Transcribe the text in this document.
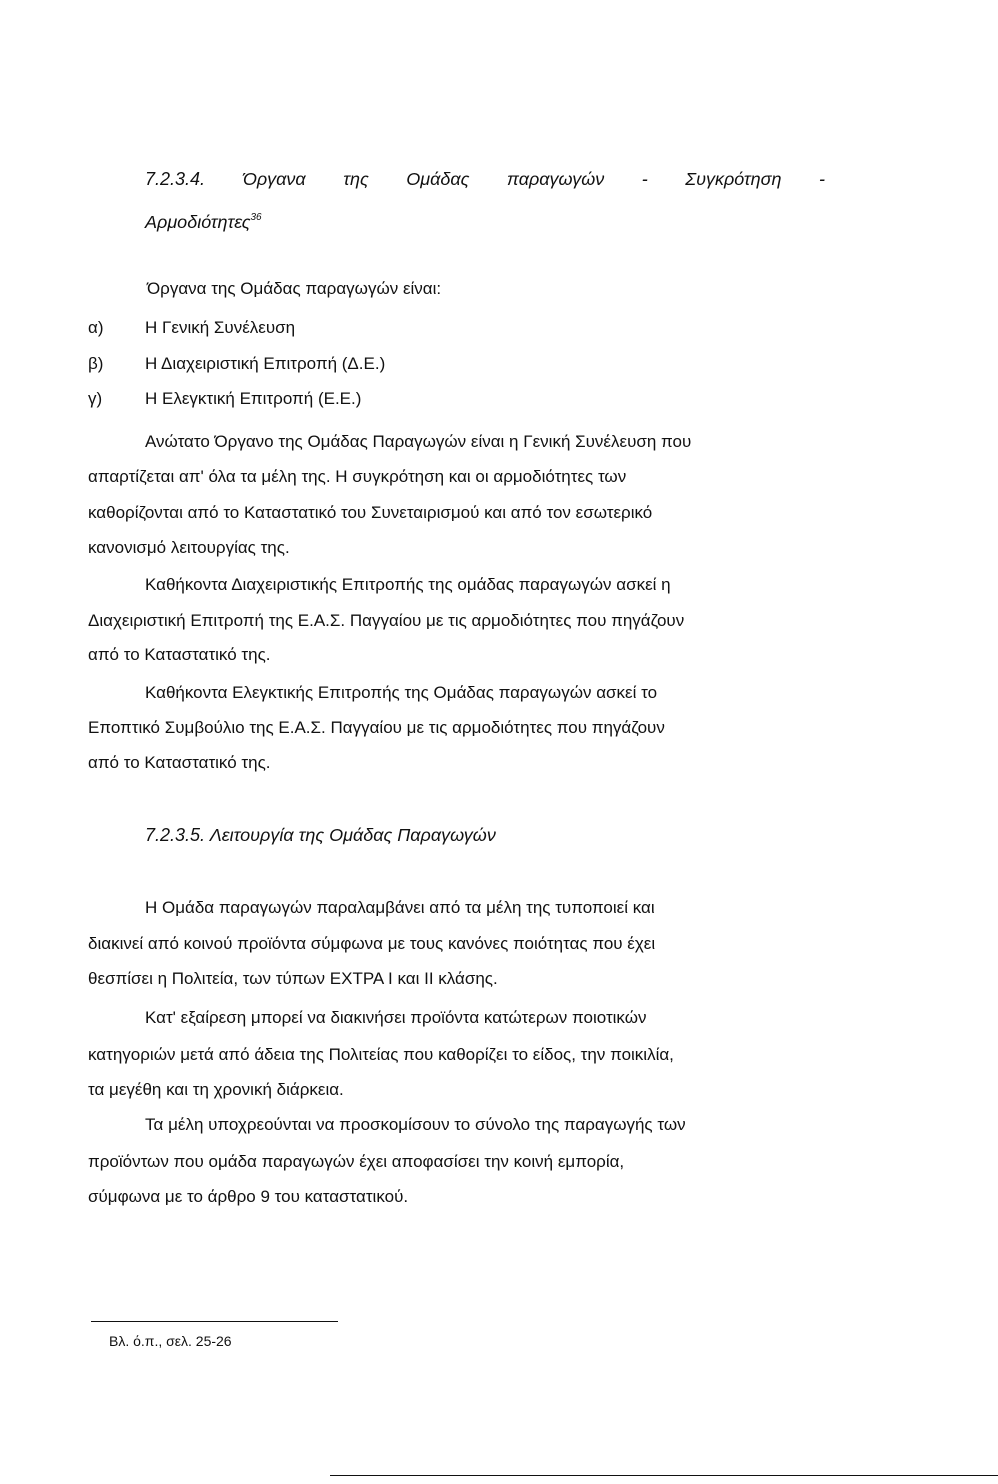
7.2.3.4. Όργανα της Ομάδας παραγωγών - Συγκρότηση -
Αρμοδιότητες$^{36}$
Όργανα της Ομάδας παραγωγών είναι:
α) Η Γενική Συνέλευση
β) Η Διαχειριστική Επιτροπή (Δ.Ε.)
γ)	Η Ελεγκτική Επιτροπή (Ε.Ε.)
Ανώτατο Όργανο της Ομάδας Παραγωγών είναι η Γενική Συνέλευση που
απαρτίζεται απ' όλα τα μέλη της. Η συγκρότηση και οι αρμοδιότητες των
καθορίζονται από το Καταστατικό του Συνεταιρισμού και από τον εσωτερικό
κανονισμό λειτουργίας της.
Καθήκοντα Διαχειριστικής Επιτροπής της ομάδας παραγωγών ασκεί η
Διαχειριστική Επιτροπή της Ε.Α.Σ. Παγγαίου με τις αρμοδιότητες που πηγάζουν
από το Καταστατικό της.
Καθήκοντα Ελεγκτικής Επιτροπής της Ομάδας παραγωγών ασκεί το
Εποπτικό Συμβούλιο της Ε.Α.Σ. Παγγαίου με τις αρμοδιότητες που πηγάζουν
από το Καταστατικό της.
7.2.3.5. Λειτουργία της Ομάδας Παραγωγών
Η Ομάδα παραγωγών παραλαμβάνει από τα μέλη της τυποποιεί και
διακινεί από κοινού προϊόντα σύμφωνα με τους κανόνες ποιότητας που έχει
θεσπίσει η Πολιτεία, των τύπων ΕΧΤΡΑ Ι και ΙΙ κλάσης.
Κατ' εξαίρεση μπορεί να διακινήσει προϊόντα κατώτερων ποιοτικών
κατηγοριών μετά από άδεια της Πολιτείας που καθορίζει το είδος, την ποικιλία,
τα μεγέθη και τη χρονική διάρκεια.
Τα μέλη υποχρεούνται να προσκομίσουν το σύνολο της παραγωγής των
προϊόντων που ομάδα παραγωγών έχει αποφασίσει την κοινή εμπορία,
σύμφωνα με το άρθρο 9 του καταστατικού.
Βλ. ό.π., σελ. 25-26
